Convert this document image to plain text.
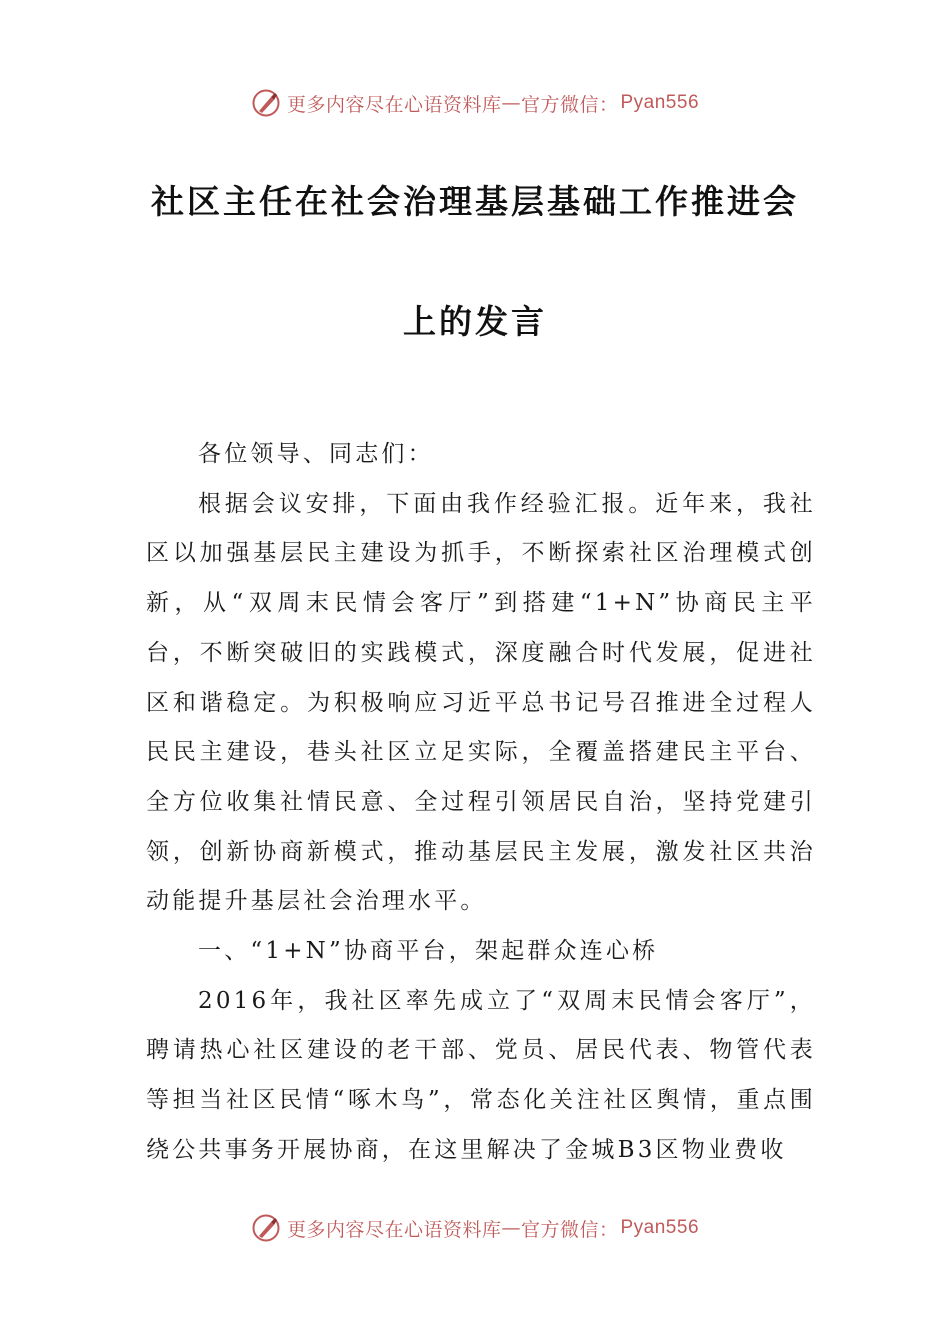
更多内容尽在心语资料库 — 官方微信： Pyan556
社区主任在社会治理基层基础工作推进会
上的发言

各位领导、同志们：

根据会议安排，下面由我作经验汇报。近年来，我社区以加强基层民主建设为抓手，不断探索社区治理模式创新，从“双周末民情会客厅”到搭建“1+N”协商民主平台，不断突破旧的实践模式，深度融合时代发展，促进社区和谐稳定。为积极响应习近平总书记号召推进全过程人民民主建设，巷头社区立足实际，全覆盖搭建民主平台、全方位收集社情民意、全过程引领居民自治，坚持党建引领，创新协商新模式，推动基层民主发展，激发社区共治动能提升基层社会治理水平。

一、“1+N”协商平台，架起群众连心桥

2016年，我社区率先成立了“双周末民情会客厅”，聘请热心社区建设的老干部、党员、居民代表、物管代表等担当社区民情“啄木鸟”，常态化关注社区舆情，重点围绕公共事务开展协商，在这里解决了金城B3区物业费收

更多内容尽在心语资料库 — 官方微信： Pyan556
